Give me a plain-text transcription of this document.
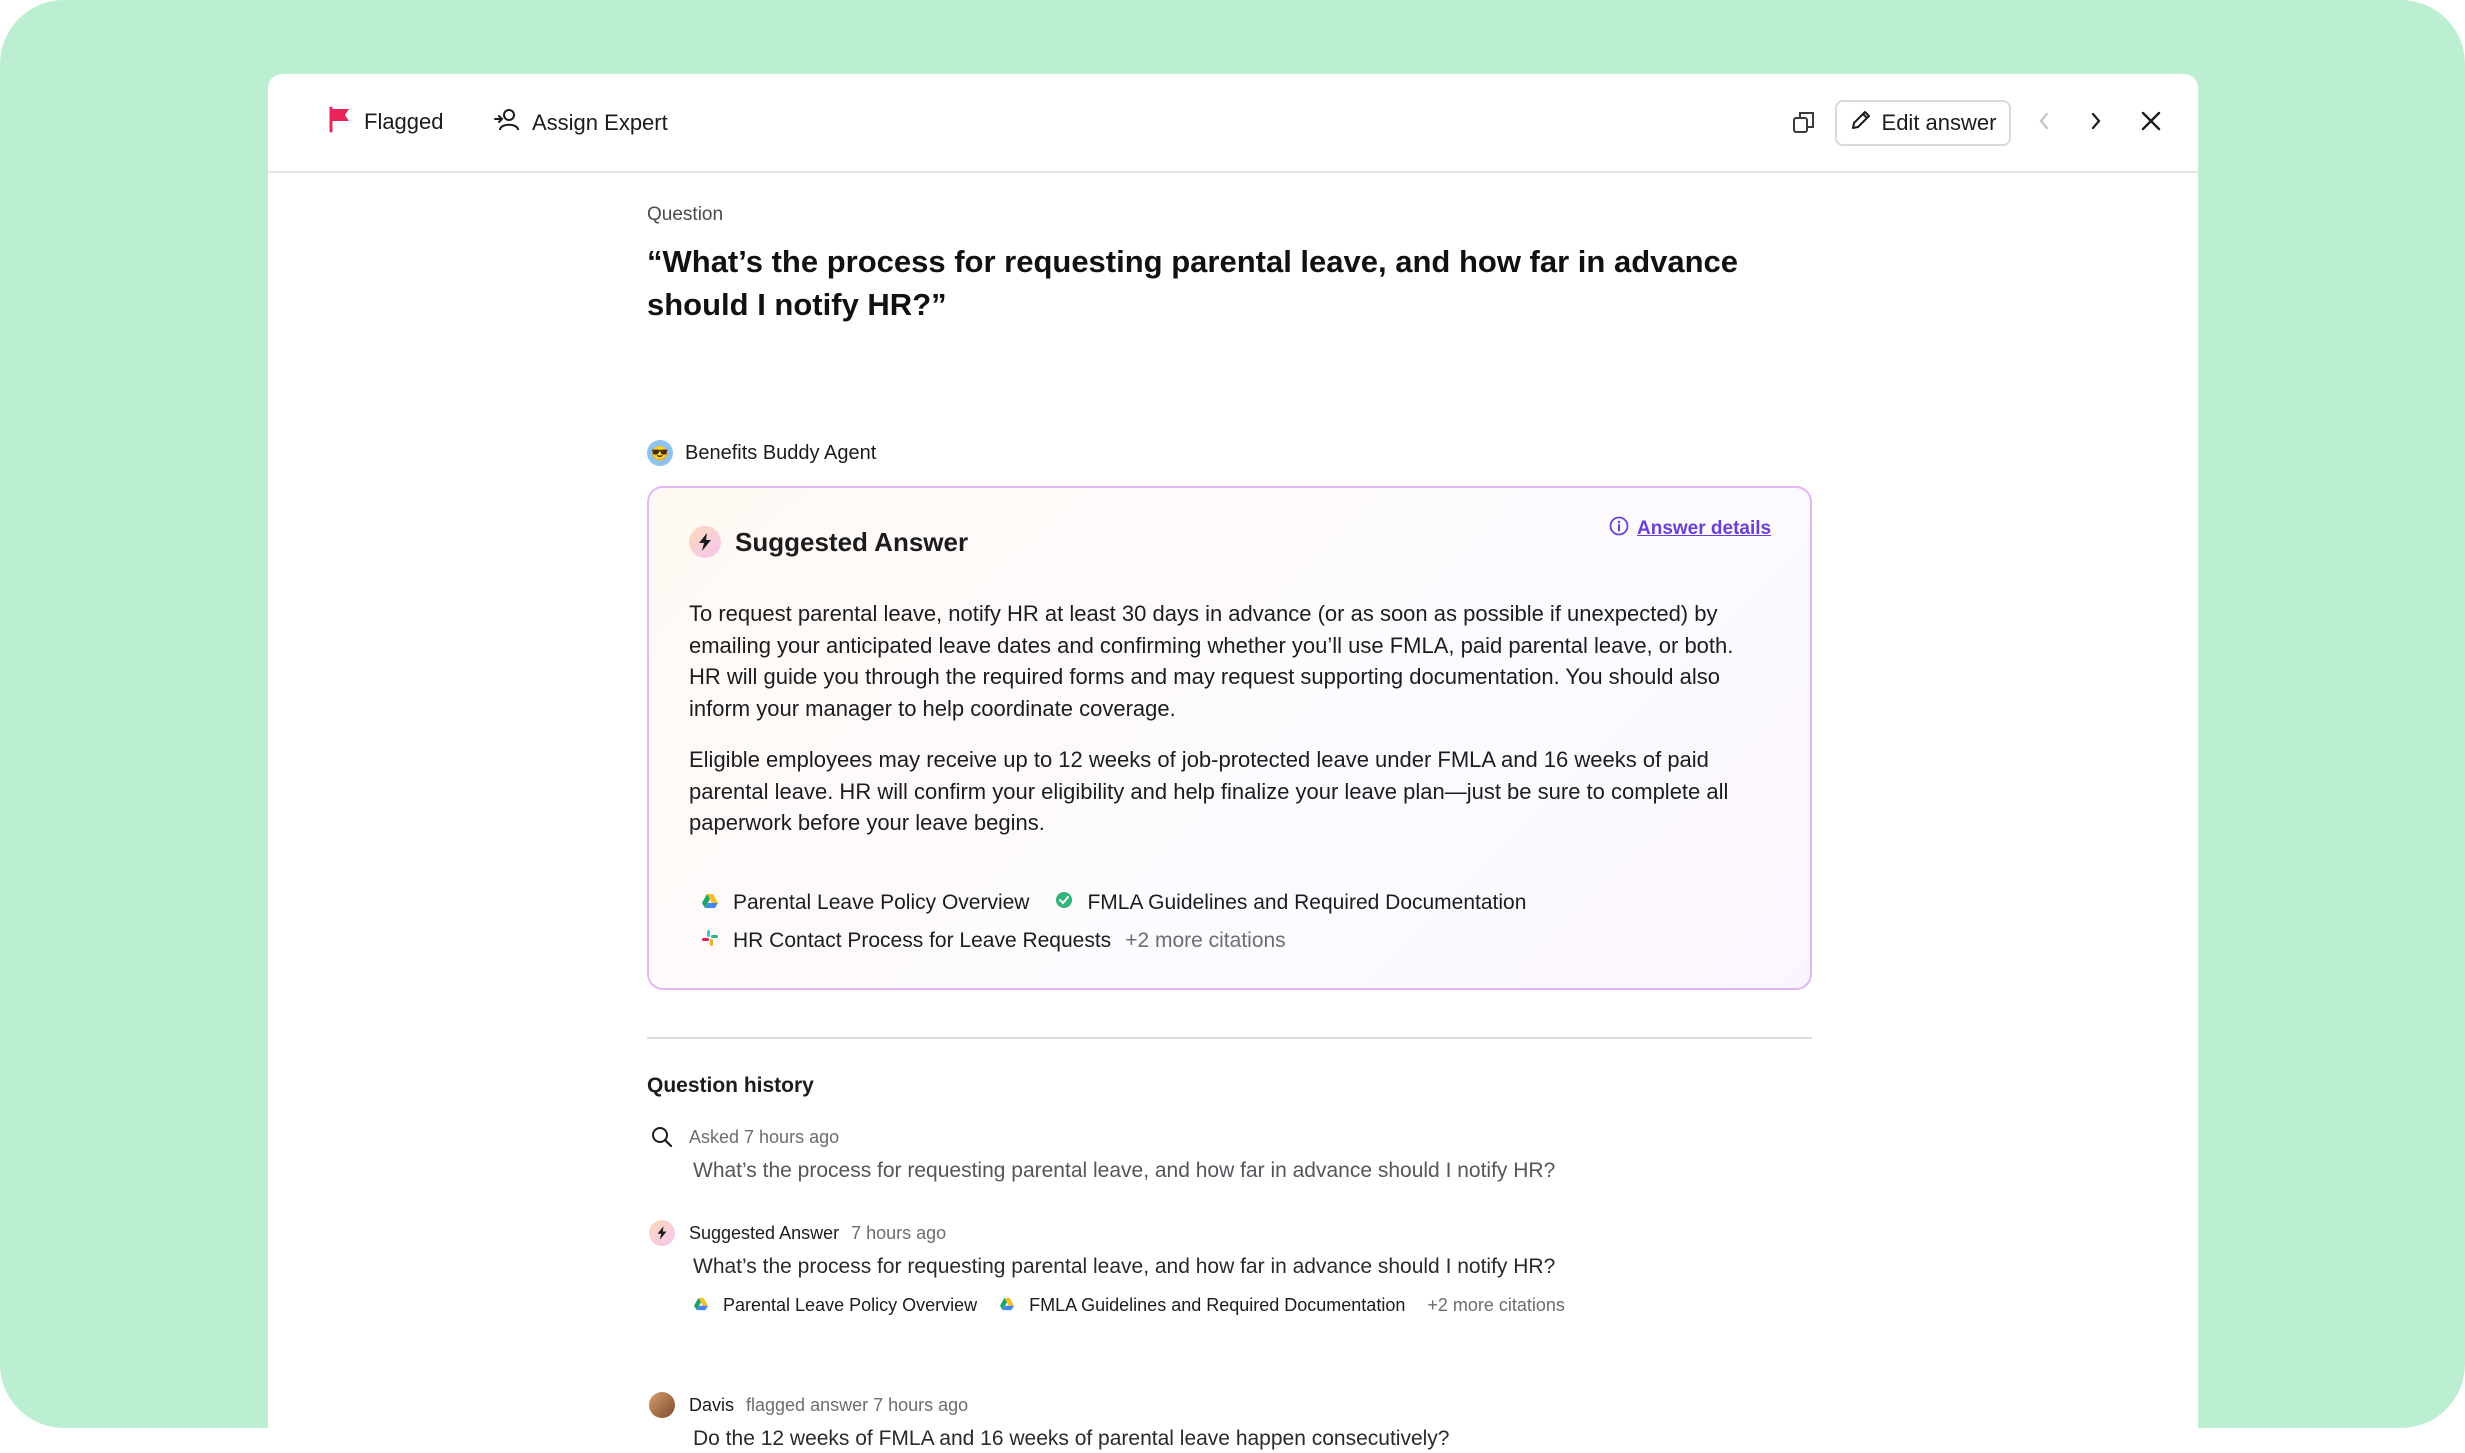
Flagged	Assign Expert	Edit answer
Question
“What’s the process for requesting parental leave, and how far in advance should I notify HR?”
😎 Benefits Buddy Agent
Suggested Answer	Answer details
To request parental leave, notify HR at least 30 days in advance (or as soon as possible if unexpected) by emailing your anticipated leave dates and confirming whether you’ll use FMLA, paid parental leave, or both. HR will guide you through the required forms and may request supporting documentation. You should also inform your manager to help coordinate coverage.
Eligible employees may receive up to 12 weeks of job-protected leave under FMLA and 16 weeks of paid parental leave. HR will confirm your eligibility and help finalize your leave plan—just be sure to complete all paperwork before your leave begins.
Parental Leave Policy Overview	FMLA Guidelines and Required Documentation
HR Contact Process for Leave Requests +2 more citations
Question history
Asked 7 hours ago
What’s the process for requesting parental leave, and how far in advance should I notify HR?
Suggested Answer 7 hours ago
What’s the process for requesting parental leave, and how far in advance should I notify HR?
Parental Leave Policy Overview	FMLA Guidelines and Required Documentation +2 more citations
Davis flagged answer 7 hours ago
Do the 12 weeks of FMLA and 16 weeks of parental leave happen consecutively?
